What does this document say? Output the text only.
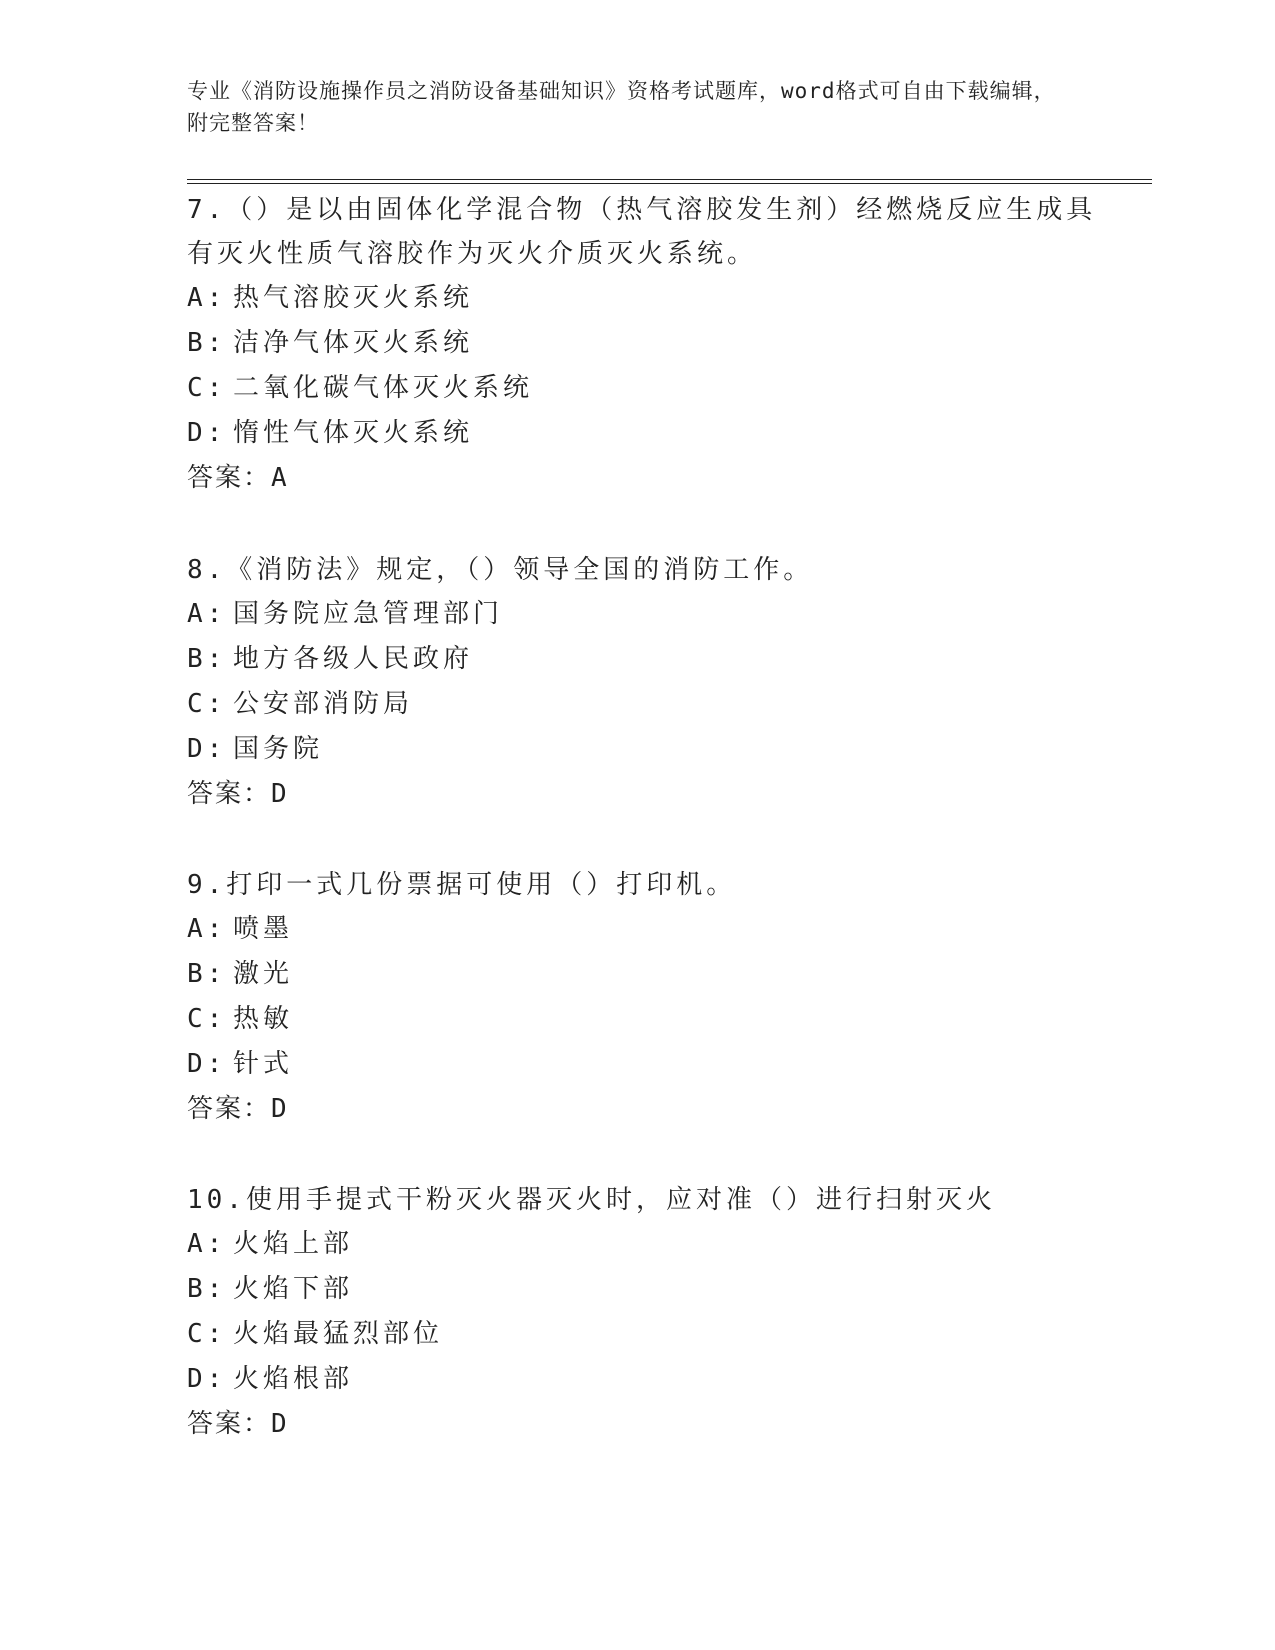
专业《消防设施操作员之消防设备基础知识》资格考试题库，word格式可自由下载编辑，附完整答案！
7.（）是以由固体化学混合物（热气溶胶发生剂）经燃烧反应生成具有灭火性质气溶胶作为灭火介质灭火系统。
A: 热气溶胶灭火系统
B: 洁净气体灭火系统
C: 二氧化碳气体灭火系统
D: 惰性气体灭火系统
答案：A
8.《消防法》规定，（）领导全国的消防工作。
A: 国务院应急管理部门
B: 地方各级人民政府
C: 公安部消防局
D: 国务院
答案：D
9.打印一式几份票据可使用（）打印机。
A: 喷墨
B: 激光
C: 热敏
D: 针式
答案：D
10.使用手提式干粉灭火器灭火时，应对准（）进行扫射灭火
A: 火焰上部
B: 火焰下部
C: 火焰最猛烈部位
D: 火焰根部
答案：D
